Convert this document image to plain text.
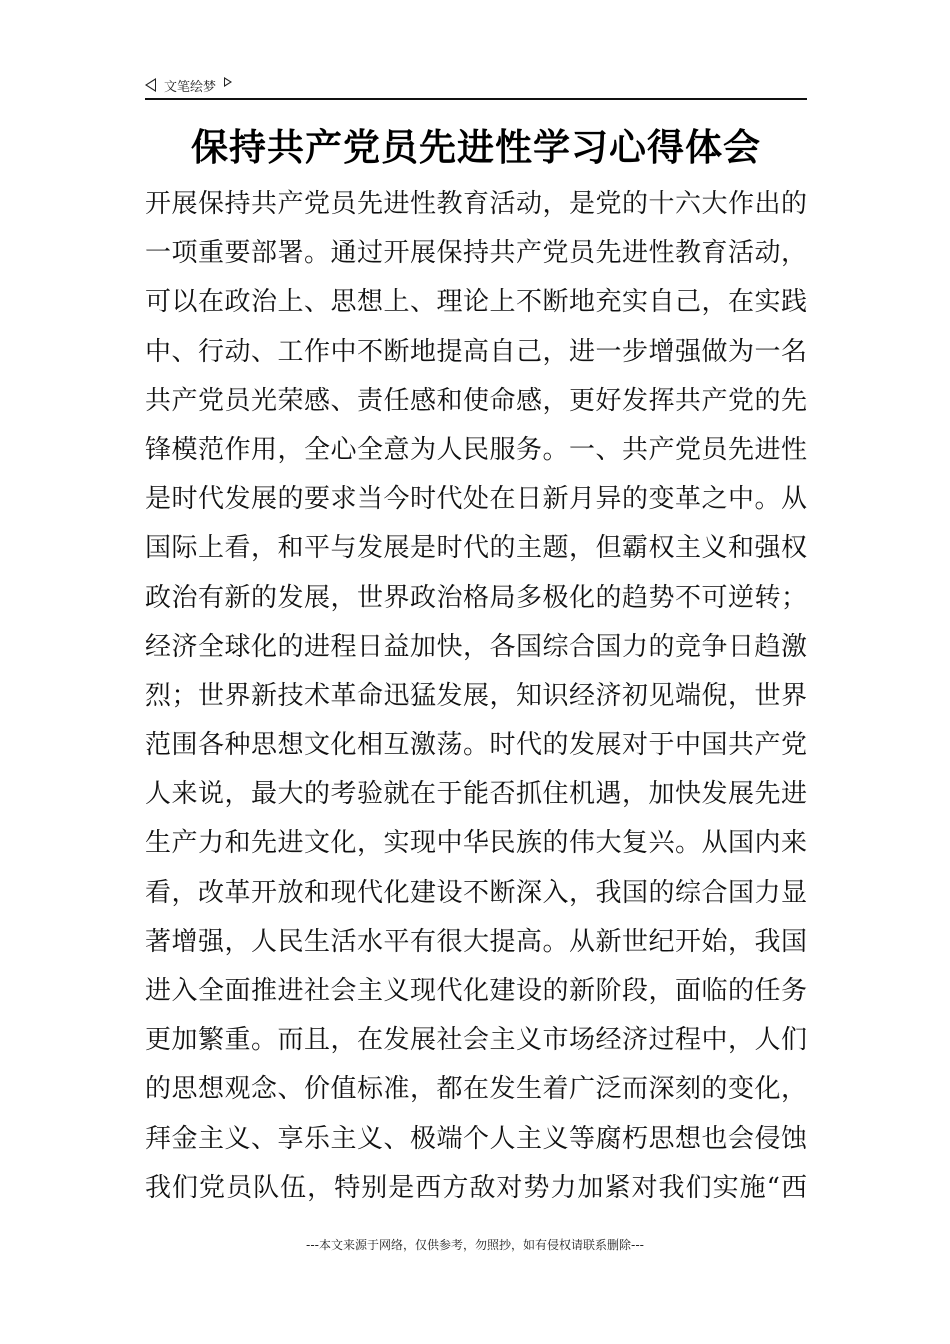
文笔绘梦
保持共产党员先进性学习心得体会
开展保持共产党员先进性教育活动，是党的十六大作出的
一项重要部署。通过开展保持共产党员先进性教育活动，
可以在政治上、思想上、理论上不断地充实自己，在实践
中、行动、工作中不断地提高自己，进一步增强做为一名
共产党员光荣感、责任感和使命感，更好发挥共产党的先
锋模范作用，全心全意为人民服务。一、共产党员先进性
是时代发展的要求当今时代处在日新月异的变革之中。从
国际上看，和平与发展是时代的主题，但霸权主义和强权
政治有新的发展，世界政治格局多极化的趋势不可逆转；
经济全球化的进程日益加快，各国综合国力的竞争日趋激
烈；世界新技术革命迅猛发展，知识经济初见端倪，世界
范围各种思想文化相互激荡。时代的发展对于中国共产党
人来说，最大的考验就在于能否抓住机遇，加快发展先进
生产力和先进文化，实现中华民族的伟大复兴。从国内来
看，改革开放和现代化建设不断深入，我国的综合国力显
著增强，人民生活水平有很大提高。从新世纪开始，我国
进入全面推进社会主义现代化建设的新阶段，面临的任务
更加繁重。而且，在发展社会主义市场经济过程中，人们
的思想观念、价值标准，都在发生着广泛而深刻的变化，
拜金主义、享乐主义、极端个人主义等腐朽思想也会侵蚀
我们党员队伍，特别是西方敌对势力加紧对我们实施“西
---本文来源于网络，仅供参考，勿照抄，如有侵权请联系删除---
